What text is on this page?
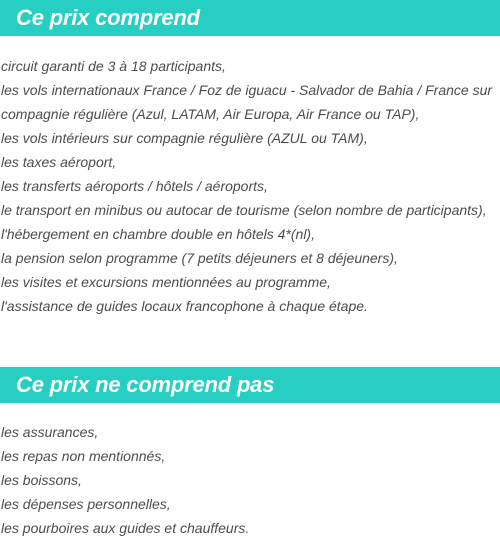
Ce prix comprend
circuit garanti de 3 à 18 participants,
les vols internationaux France / Foz de iguacu - Salvador de Bahia / France sur compagnie régulière (Azul, LATAM, Air Europa, Air France ou TAP),
les vols intérieurs sur compagnie régulière (AZUL ou TAM),
les taxes aéroport,
les transferts aéroports / hôtels / aéroports,
le transport en minibus ou autocar de tourisme (selon nombre de participants),
l'hébergement en chambre double en hôtels 4*(nl),
la pension selon programme (7 petits déjeuners et 8 déjeuners),
les visites et excursions mentionnées au programme,
l'assistance de guides locaux francophone à chaque étape.
Ce prix ne comprend pas
les assurances,
les repas non mentionnés,
les boissons,
les dépenses personnelles,
les pourboires aux guides et chauffeurs.
